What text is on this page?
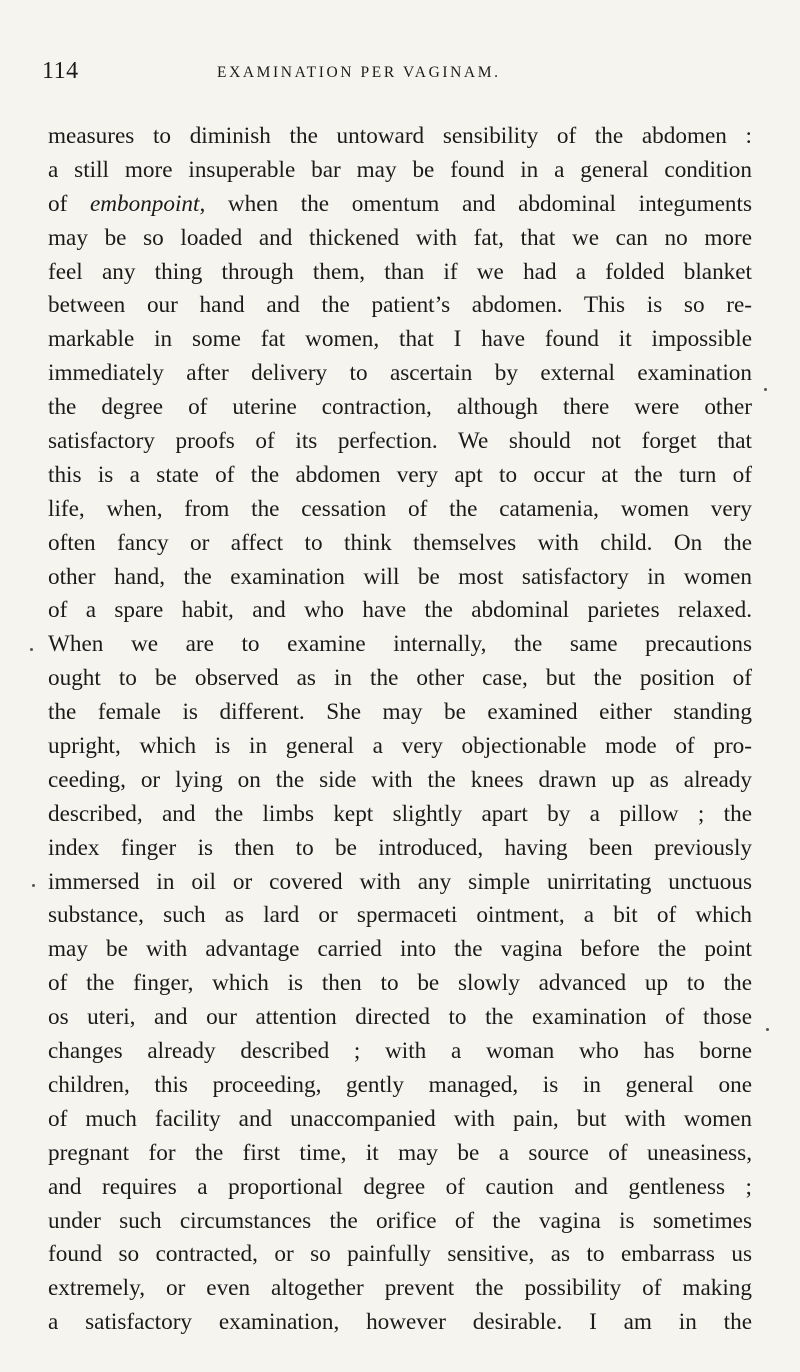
114	EXAMINATION PER VAGINAM.
measures to diminish the untoward sensibility of the abdomen :
a still more insuperable bar may be found in a general condition
of embonpoint, when the omentum and abdominal integuments
may be so loaded and thickened with fat, that we can no more
feel any thing through them, than if we had a folded blanket
between our hand and the patient’s abdomen. This is so re-
markable in some fat women, that I have found it impossible
immediately after delivery to ascertain by external examination
the degree of uterine contraction, although there were other
satisfactory proofs of its perfection. We should not forget that
this is a state of the abdomen very apt to occur at the turn of
life, when, from the cessation of the catamenia, women very
often fancy or affect to think themselves with child. On the
other hand, the examination will be most satisfactory in women
of a spare habit, and who have the abdominal parietes relaxed.
When we are to examine internally, the same precautions
ought to be observed as in the other case, but the position of
the female is different. She may be examined either standing
upright, which is in general a very objectionable mode of pro-
ceeding, or lying on the side with the knees drawn up as already
described, and the limbs kept slightly apart by a pillow ; the
index finger is then to be introduced, having been previously
immersed in oil or covered with any simple unirritating unctuous
substance, such as lard or spermaceti ointment, a bit of which
may be with advantage carried into the vagina before the point
of the finger, which is then to be slowly advanced up to the
os uteri, and our attention directed to the examination of those
changes already described ; with a woman who has borne
children, this proceeding, gently managed, is in general one
of much facility and unaccompanied with pain, but with women
pregnant for the first time, it may be a source of uneasiness,
and requires a proportional degree of caution and gentleness ;
under such circumstances the orifice of the vagina is sometimes
found so contracted, or so painfully sensitive, as to embarrass us
extremely, or even altogether prevent the possibility of making
a satisfactory examination, however desirable. I am in the
